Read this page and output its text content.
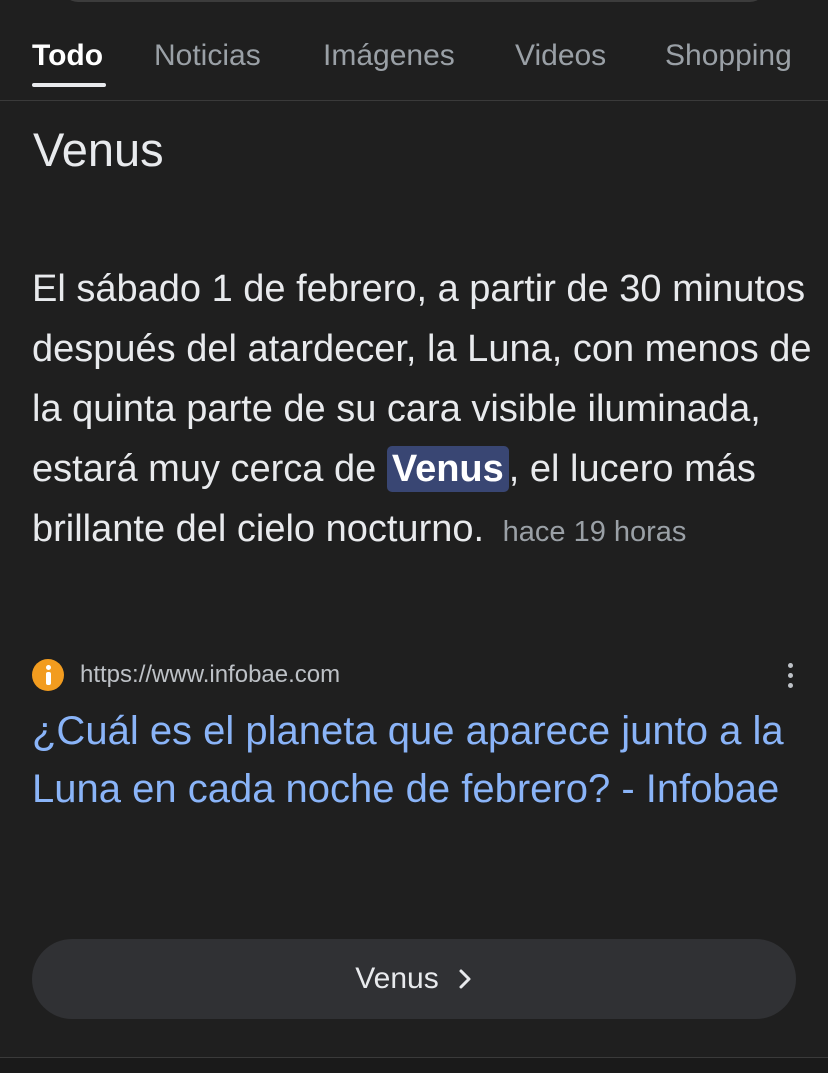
Todo Noticias Imágenes Videos Shopping
Venus

El sábado 1 de febrero, a partir de 30 minutos después del atardecer, la Luna, con menos de la quinta parte de su cara visible iluminada, estará muy cerca de Venus , el lucero más brillante del cielo nocturno. hace 19 horas

https://www.infobae.com
¿Cuál es el planeta que aparece junto a la Luna en cada noche de febrero? - Infobae
Venus
